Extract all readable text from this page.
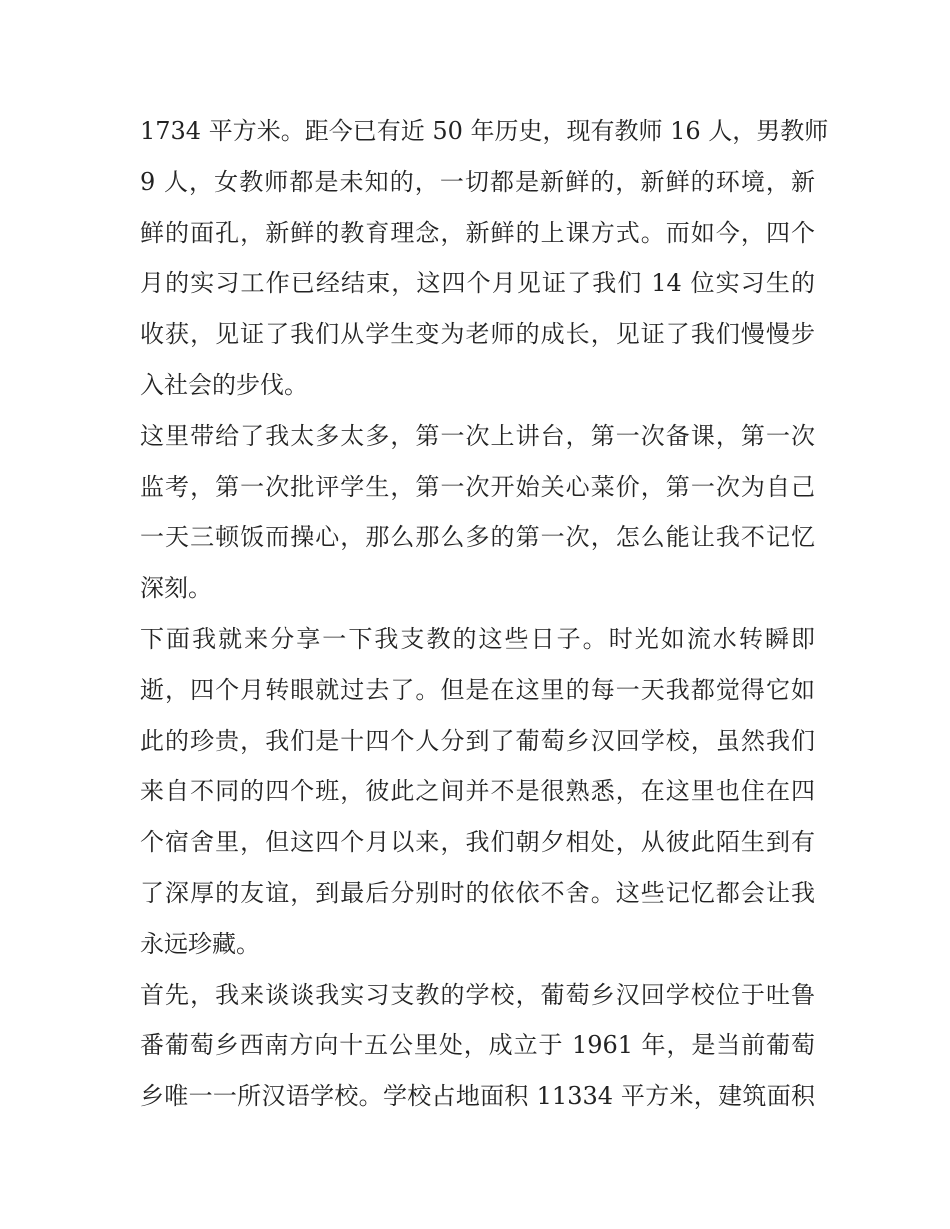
1734 平方米。距今已有近 50 年历史，现有教师 16 人，男教师
9 人，女教师都是未知的，一切都是新鲜的，新鲜的环境，新
鲜的面孔，新鲜的教育理念，新鲜的上课方式。而如今，四个
月的实习工作已经结束，这四个月见证了我们 14 位实习生的
收获，见证了我们从学生变为老师的成长，见证了我们慢慢步
入社会的步伐。
这里带给了我太多太多，第一次上讲台，第一次备课，第一次
监考，第一次批评学生，第一次开始关心菜价，第一次为自己
一天三顿饭而操心，那么那么多的第一次，怎么能让我不记忆
深刻。
下面我就来分享一下我支教的这些日子。时光如流水转瞬即
逝，四个月转眼就过去了。但是在这里的每一天我都觉得它如
此的珍贵，我们是十四个人分到了葡萄乡汉回学校，虽然我们
来自不同的四个班，彼此之间并不是很熟悉，在这里也住在四
个宿舍里，但这四个月以来，我们朝夕相处，从彼此陌生到有
了深厚的友谊，到最后分别时的依依不舍。这些记忆都会让我
永远珍藏。
首先，我来谈谈我实习支教的学校，葡萄乡汉回学校位于吐鲁
番葡萄乡西南方向十五公里处，成立于 1961 年，是当前葡萄
乡唯一一所汉语学校。学校占地面积 11334 平方米，建筑面积
